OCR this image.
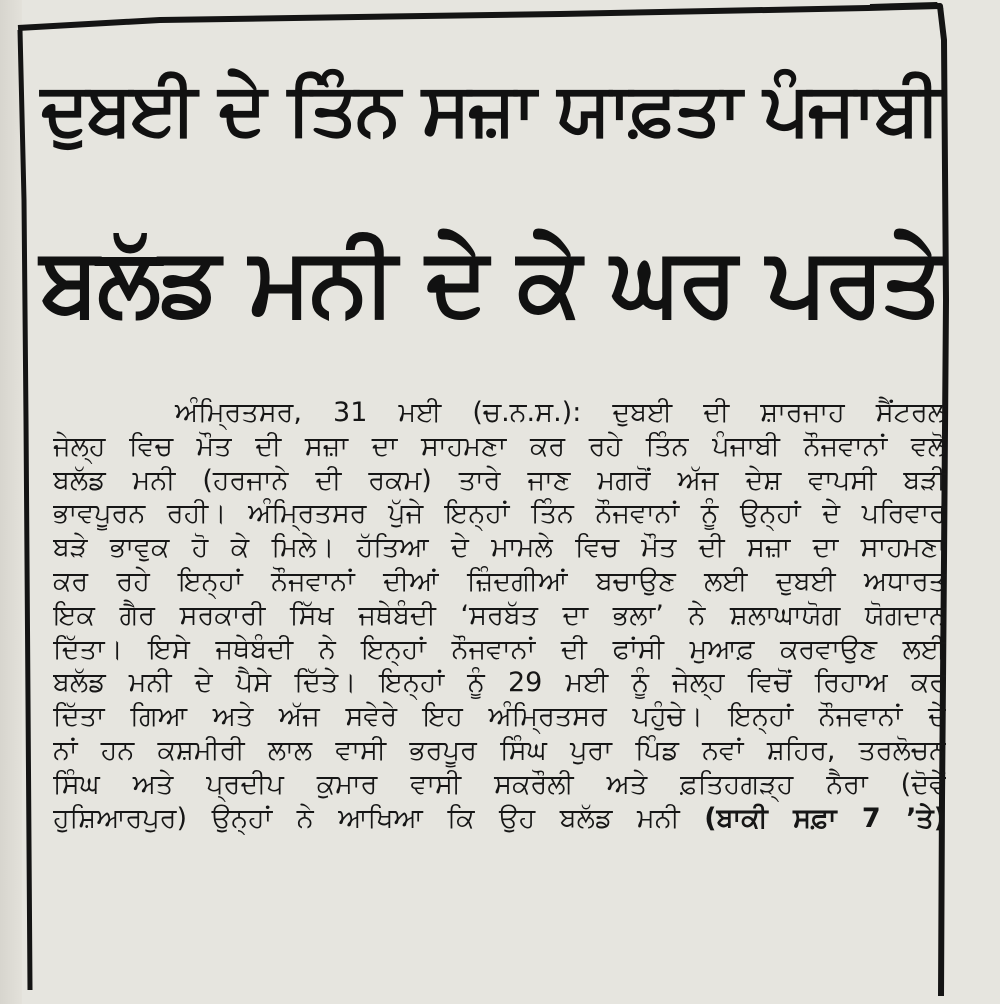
ਦੁਬਈ ਦੇ ਤਿੰਨ ਸਜ਼ਾ ਯਾਫ਼ਤਾ ਪੰਜਾਬੀ
ਬਲੱਡ ਮਨੀ ਦੇ ਕੇ ਘਰ ਪਰਤੇ
ਅੰਮ੍ਰਿਤਸਰ, 31 ਮਈ (ਚ.ਨ.ਸ.): ਦੁਬਈ ਦੀ ਸ਼ਾਰਜਾਹ ਸੈਂਟਰਲ
ਜੇਲ੍ਹ ਵਿਚ ਮੌਤ ਦੀ ਸਜ਼ਾ ਦਾ ਸਾਹਮਣਾ ਕਰ ਰਹੇ ਤਿੰਨ ਪੰਜਾਬੀ ਨੌਜਵਾਨਾਂ ਵਲੋਂ
ਬਲੱਡ ਮਨੀ (ਹਰਜਾਨੇ ਦੀ ਰਕਮ) ਤਾਰੇ ਜਾਣ ਮਗਰੋਂ ਅੱਜ ਦੇਸ਼ ਵਾਪਸੀ ਬੜੀ
ਭਾਵਪੂਰਨ ਰਹੀ। ਅੰਮ੍ਰਿਤਸਰ ਪੁੱਜੇ ਇਨ੍ਹਾਂ ਤਿੰਨ ਨੌਜਵਾਨਾਂ ਨੂੰ ਉਨ੍ਹਾਂ ਦੇ ਪਰਿਵਾਰ
ਬੜੇ ਭਾਵੁਕ ਹੋ ਕੇ ਮਿਲੇ। ਹੱਤਿਆ ਦੇ ਮਾਮਲੇ ਵਿਚ ਮੌਤ ਦੀ ਸਜ਼ਾ ਦਾ ਸਾਹਮਣਾ
ਕਰ ਰਹੇ ਇਨ੍ਹਾਂ ਨੌਜਵਾਨਾਂ ਦੀਆਂ ਜ਼ਿੰਦਗੀਆਂ ਬਚਾਉਣ ਲਈ ਦੁਬਈ ਅਧਾਰਤ
ਇਕ ਗੈਰ ਸਰਕਾਰੀ ਸਿੱਖ ਜਥੇਬੰਦੀ ‘ਸਰਬੱਤ ਦਾ ਭਲਾ’ ਨੇ ਸ਼ਲਾਘਾਯੋਗ ਯੋਗਦਾਨ
ਦਿੱਤਾ। ਇਸੇ ਜਥੇਬੰਦੀ ਨੇ ਇਨ੍ਹਾਂ ਨੌਜਵਾਨਾਂ ਦੀ ਫਾਂਸੀ ਮੁਆਫ਼ ਕਰਵਾਉਣ ਲਈ
ਬਲੱਡ ਮਨੀ ਦੇ ਪੈਸੇ ਦਿੱਤੇ। ਇਨ੍ਹਾਂ ਨੂੰ 29 ਮਈ ਨੂੰ ਜੇਲ੍ਹ ਵਿਚੋਂ ਰਿਹਾਅ ਕਰ
ਦਿੱਤਾ ਗਿਆ ਅਤੇ ਅੱਜ ਸਵੇਰੇ ਇਹ ਅੰਮ੍ਰਿਤਸਰ ਪਹੁੰਚੇ। ਇਨ੍ਹਾਂ ਨੌਜਵਾਨਾਂ ਦੇ
ਨਾਂ ਹਨ ਕਸ਼ਮੀਰੀ ਲਾਲ ਵਾਸੀ ਭਰਪੂਰ ਸਿੰਘ ਪੁਰਾ ਪਿੰਡ ਨਵਾਂ ਸ਼ਹਿਰ, ਤਰਲੋਚਨ
ਸਿੰਘ ਅਤੇ ਪ੍ਰਦੀਪ ਕੁਮਾਰ ਵਾਸੀ ਸਕਰੌਲੀ ਅਤੇ ਫ਼ਤਿਹਗੜ੍ਹ ਨੈਰਾ (ਦੋਵੇਂ
ਹੁਸ਼ਿਆਰਪੁਰ) ਉਨ੍ਹਾਂ ਨੇ ਆਖਿਆ ਕਿ ਉਹ ਬਲੱਡ ਮਨੀ (ਬਾਕੀ ਸਫ਼ਾ 7 ’ਤੇ)
